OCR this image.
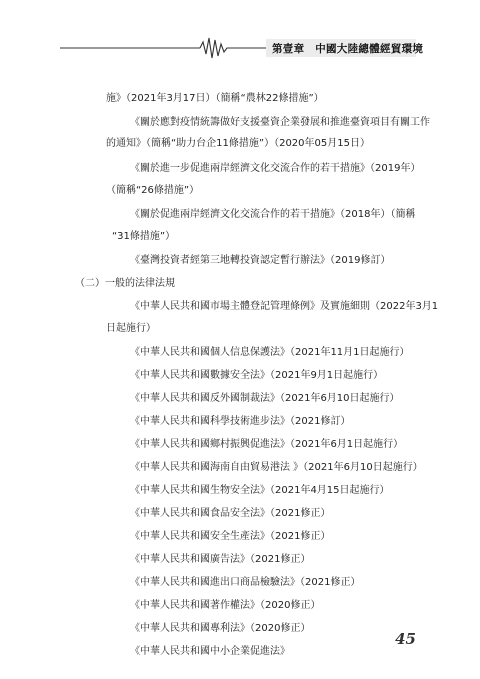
第壹章　中國大陸總體經貿環境
施》（2021年3月17日）（簡稱“農林22條措施”）
《關於應對疫情統籌做好支援臺資企業發展和推進臺資項目有關工作
的通知》（簡稱“助力台企11條措施”）（2020年05月15日）
《關於進一步促進兩岸經濟文化交流合作的若干措施》（2019年）
（簡稱“26條措施”）
《關於促進兩岸經濟文化交流合作的若干措施》（2018年）（簡稱
“31條措施”）
《臺灣投資者經第三地轉投資認定暫行辦法》（2019修訂）
（二）一般的法律法規
《中華人民共和國市場主體登記管理條例》及實施細則（2022年3月1
日起施行）
《中華人民共和國個人信息保護法》（2021年11月1日起施行）
《中華人民共和國數據安全法》（2021年9月1日起施行）
《中華人民共和國反外國制裁法》（2021年6月10日起施行）
《中華人民共和國科學技術進步法》（2021修訂）
《中華人民共和國鄉村振興促進法》（2021年6月1日起施行）
《中華人民共和國海南自由貿易港法 》（2021年6月10日起施行）
《中華人民共和國生物安全法》（2021年4月15日起施行）
《中華人民共和國食品安全法》（2021修正）
《中華人民共和國安全生產法》（2021修正）
《中華人民共和國廣告法》（2021修正）
《中華人民共和國進出口商品檢驗法》（2021修正）
《中華人民共和國著作權法》（2020修正）
《中華人民共和國專利法》（2020修正）
《中華人民共和國中小企業促進法》
45
